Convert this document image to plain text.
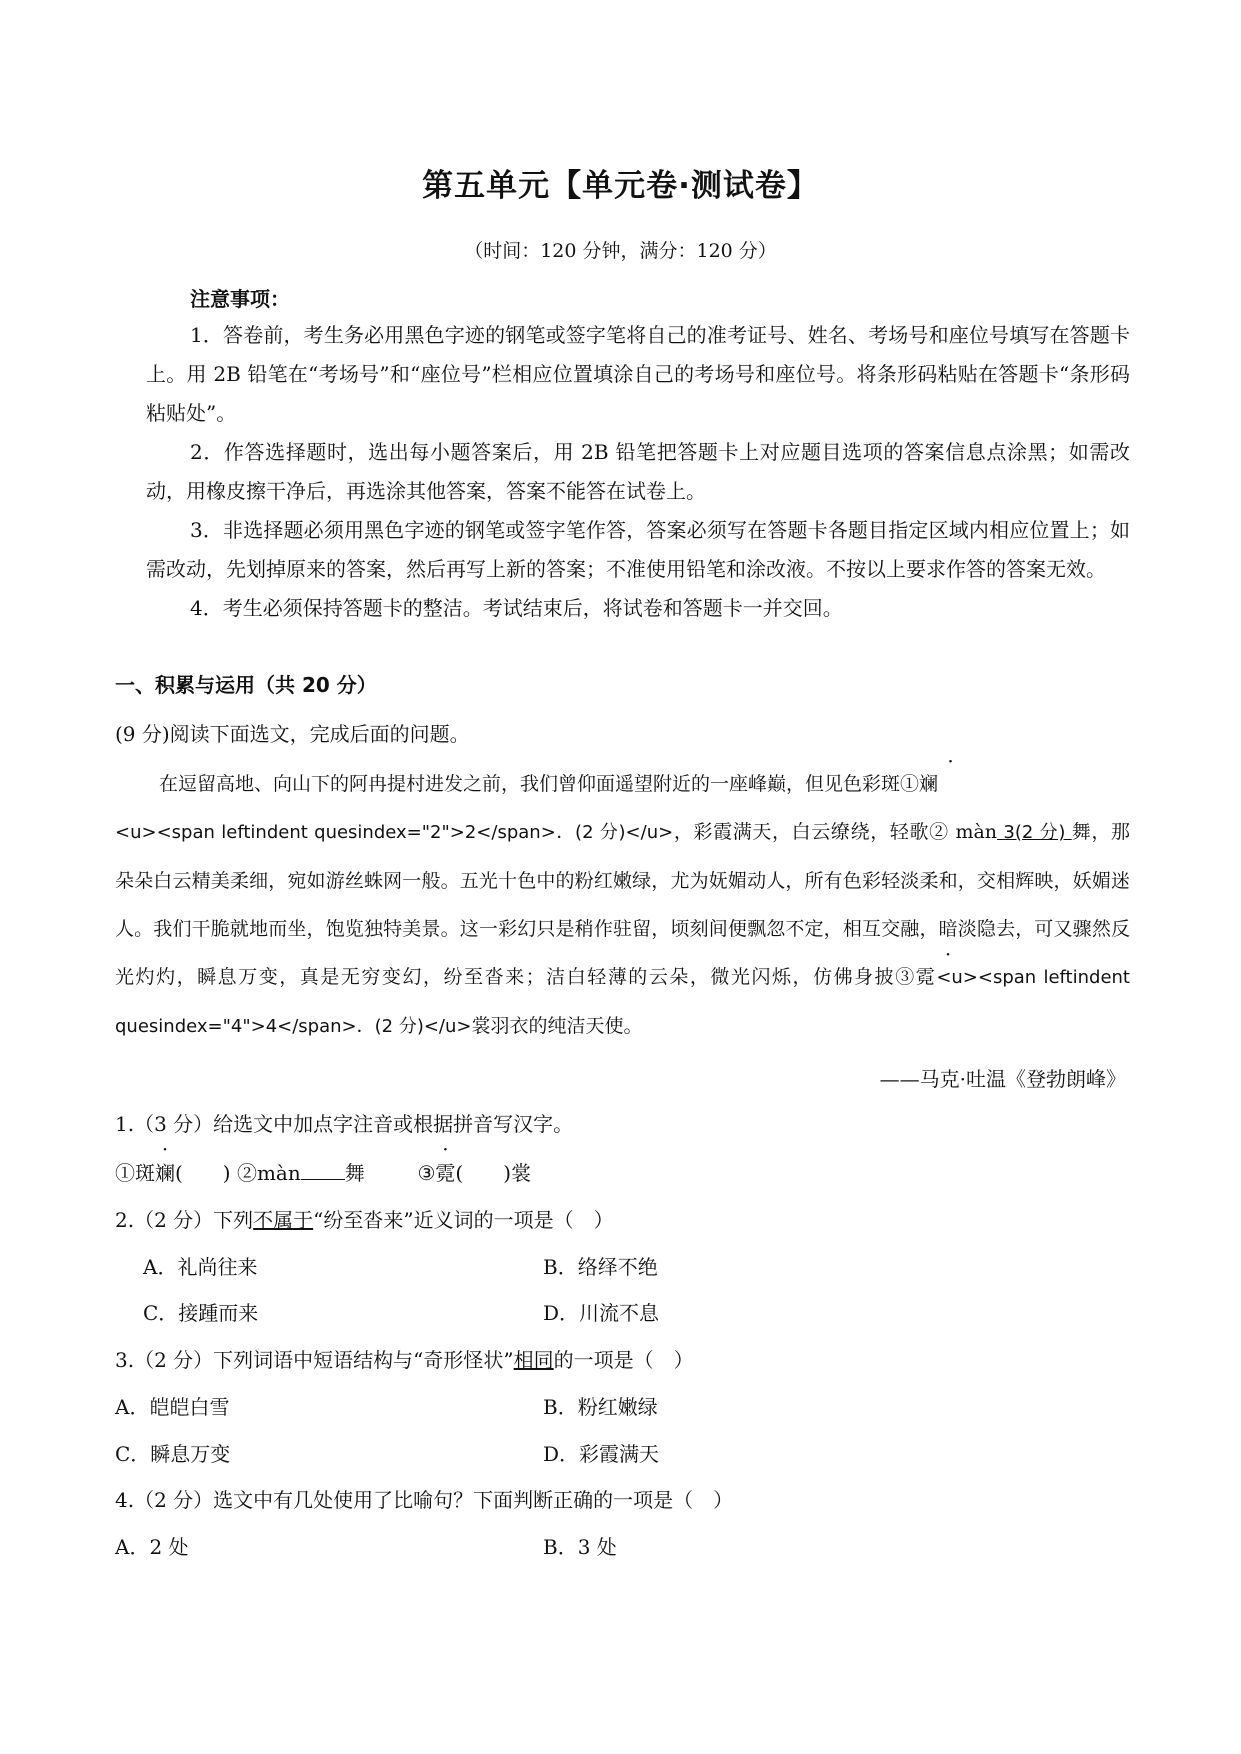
第五单元【单元卷·测试卷】
（时间：120 分钟，满分：120 分）
注意事项：

1．答卷前，考生务必用黑色字迹的钢笔或签字笔将自己的准考证号、姓名、考场号和座位号填写在答题卡上。用 2B 铅笔在“考场号”和“座位号”栏相应位置填涂自己的考场号和座位号。将条形码粘贴在答题卡“条形码粘贴处”。

2．作答选择题时，选出每小题答案后，用 2B 铅笔把答题卡上对应题目选项的答案信息点涂黑；如需改动，用橡皮擦干净后，再选涂其他答案，答案不能答在试卷上。

3．非选择题必须用黑色字迹的钢笔或签字笔作答，答案必须写在答题卡各题目指定区域内相应位置上；如需改动，先划掉原来的答案，然后再写上新的答案；不准使用铅笔和涂改液。不按以上要求作答的答案无效。

4．考生必须保持答题卡的整洁。考试结束后，将试卷和答题卡一并交回。

一、积累与运用（共 20 分）
(9 分)阅读下面选文，完成后面的问题。

在逗留高地、向山下的阿冉提村进发之前，我们曾仰面遥望附近的一座峰巅，但见色彩斑①斓
<u><span leftindent quesindex="2">2</span>．(2 分)</u>，彩霞满天，白云缭绕，轻歌② màn 3(2 分) 舞，那朵朵白云精美柔细，宛如游丝蛛网一般。五光十色中的粉红嫩绿，尤为妩媚动人，所有色彩轻淡柔和，交相辉映，妖媚迷人。我们干脆就地而坐，饱览独特美景。这一彩幻只是稍作驻留，顷刻间便飘忽不定，相互交融，暗淡隐去，可又骤然反光灼灼，瞬息万变，真是无穷变幻，纷至沓来；洁白轻薄的云朵，微光闪烁，仿佛身披③霓<u><span leftindent quesindex="4">4</span>．(2 分)</u>裳羽衣的纯洁天使。

——马克·吐温《登勃朗峰》
1.（3 分）给选文中加点字注音或根据拼音写汉字。
①斑斓(　　) ②màn 舞	③霓(　　)裳
2.（2 分）下列不属于“纷至沓来”近义词的一项是（　）
A．礼尚往来	B．络绎不绝
C．接踵而来	D．川流不息
3.（2 分）下列词语中短语结构与“奇形怪状”相同的一项是（　）
A．皑皑白雪	B．粉红嫩绿
C．瞬息万变	D．彩霞满天
4.（2 分）选文中有几处使用了比喻句？下面判断正确的一项是（　）
A．2 处	B．3 处
